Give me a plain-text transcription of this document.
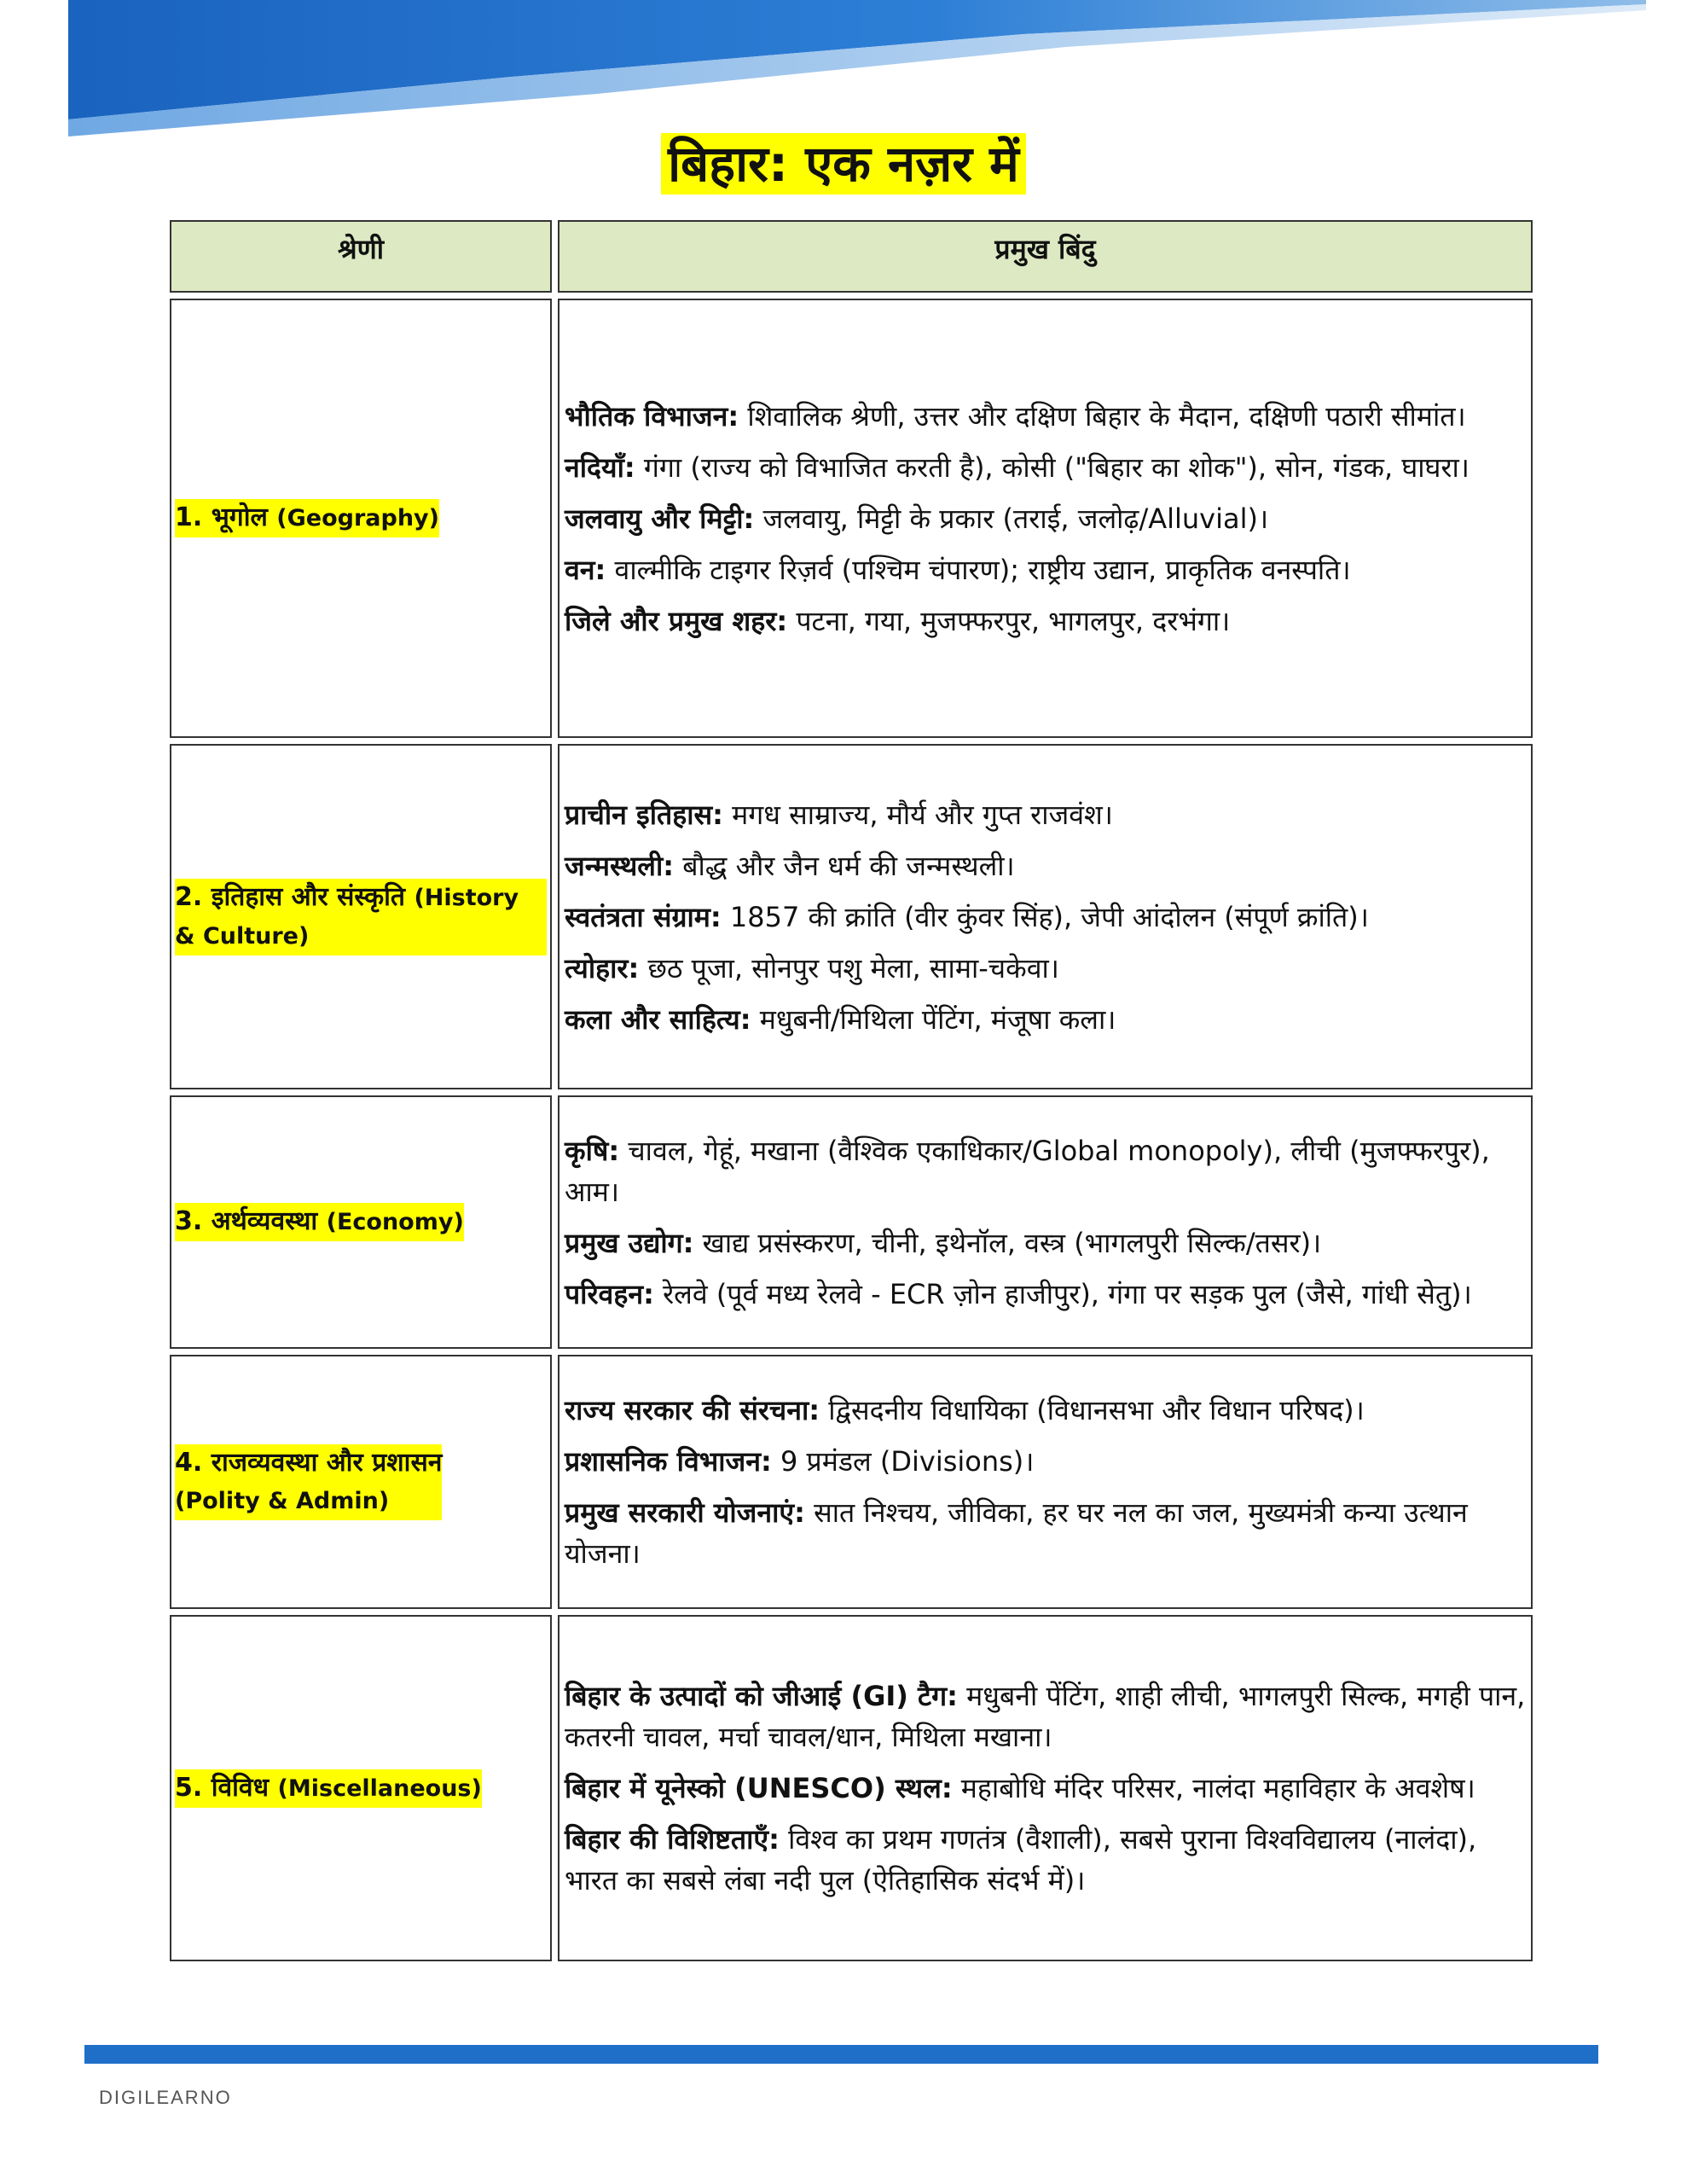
बिहार: एक नज़र में
श्रेणी	प्रमुख बिंदु
1. भूगोल (Geography)
भौतिक विभाजन: शिवालिक श्रेणी, उत्तर और दक्षिण बिहार के मैदान, दक्षिणी पठारी सीमांत।
नदियाँ: गंगा (राज्य को विभाजित करती है), कोसी ("बिहार का शोक"), सोन, गंडक, घाघरा।
जलवायु और मिट्टी: जलवायु, मिट्टी के प्रकार (तराई, जलोढ़/Alluvial)।
वन: वाल्मीकि टाइगर रिज़र्व (पश्चिम चंपारण); राष्ट्रीय उद्यान, प्राकृतिक वनस्पति।
जिले और प्रमुख शहर: पटना, गया, मुजफ्फरपुर, भागलपुर, दरभंगा।
2. इतिहास और संस्कृति (History & Culture)
प्राचीन इतिहास: मगध साम्राज्य, मौर्य और गुप्त राजवंश।
जन्मस्थली: बौद्ध और जैन धर्म की जन्मस्थली।
स्वतंत्रता संग्राम: 1857 की क्रांति (वीर कुंवर सिंह), जेपी आंदोलन (संपूर्ण क्रांति)।
त्योहार: छठ पूजा, सोनपुर पशु मेला, सामा-चकेवा।
कला और साहित्य: मधुबनी/मिथिला पेंटिंग, मंजूषा कला।
3. अर्थव्यवस्था (Economy)
कृषि: चावल, गेहूं, मखाना (वैश्विक एकाधिकार/Global monopoly), लीची (मुजफ्फरपुर), आम।
प्रमुख उद्योग: खाद्य प्रसंस्करण, चीनी, इथेनॉल, वस्त्र (भागलपुरी सिल्क/तसर)।
परिवहन: रेलवे (पूर्व मध्य रेलवे - ECR ज़ोन हाजीपुर), गंगा पर सड़क पुल (जैसे, गांधी सेतु)।
4. राजव्यवस्था और प्रशासन
(Polity & Admin)
राज्य सरकार की संरचना: द्विसदनीय विधायिका (विधानसभा और विधान परिषद)।
प्रशासनिक विभाजन: 9 प्रमंडल (Divisions)।
प्रमुख सरकारी योजनाएं: सात निश्चय, जीविका, हर घर नल का जल, मुख्यमंत्री कन्या उत्थान योजना।
5. विविध (Miscellaneous)
बिहार के उत्पादों को जीआई (GI) टैग: मधुबनी पेंटिंग, शाही लीची, भागलपुरी सिल्क, मगही पान, कतरनी चावल, मर्चा चावल/धान, मिथिला मखाना।
बिहार में यूनेस्को (UNESCO) स्थल: महाबोधि मंदिर परिसर, नालंदा महाविहार के अवशेष।
बिहार की विशिष्टताएँ: विश्व का प्रथम गणतंत्र (वैशाली), सबसे पुराना विश्वविद्यालय (नालंदा), भारत का सबसे लंबा नदी पुल (ऐतिहासिक संदर्भ में)।
DIGILEARNO
